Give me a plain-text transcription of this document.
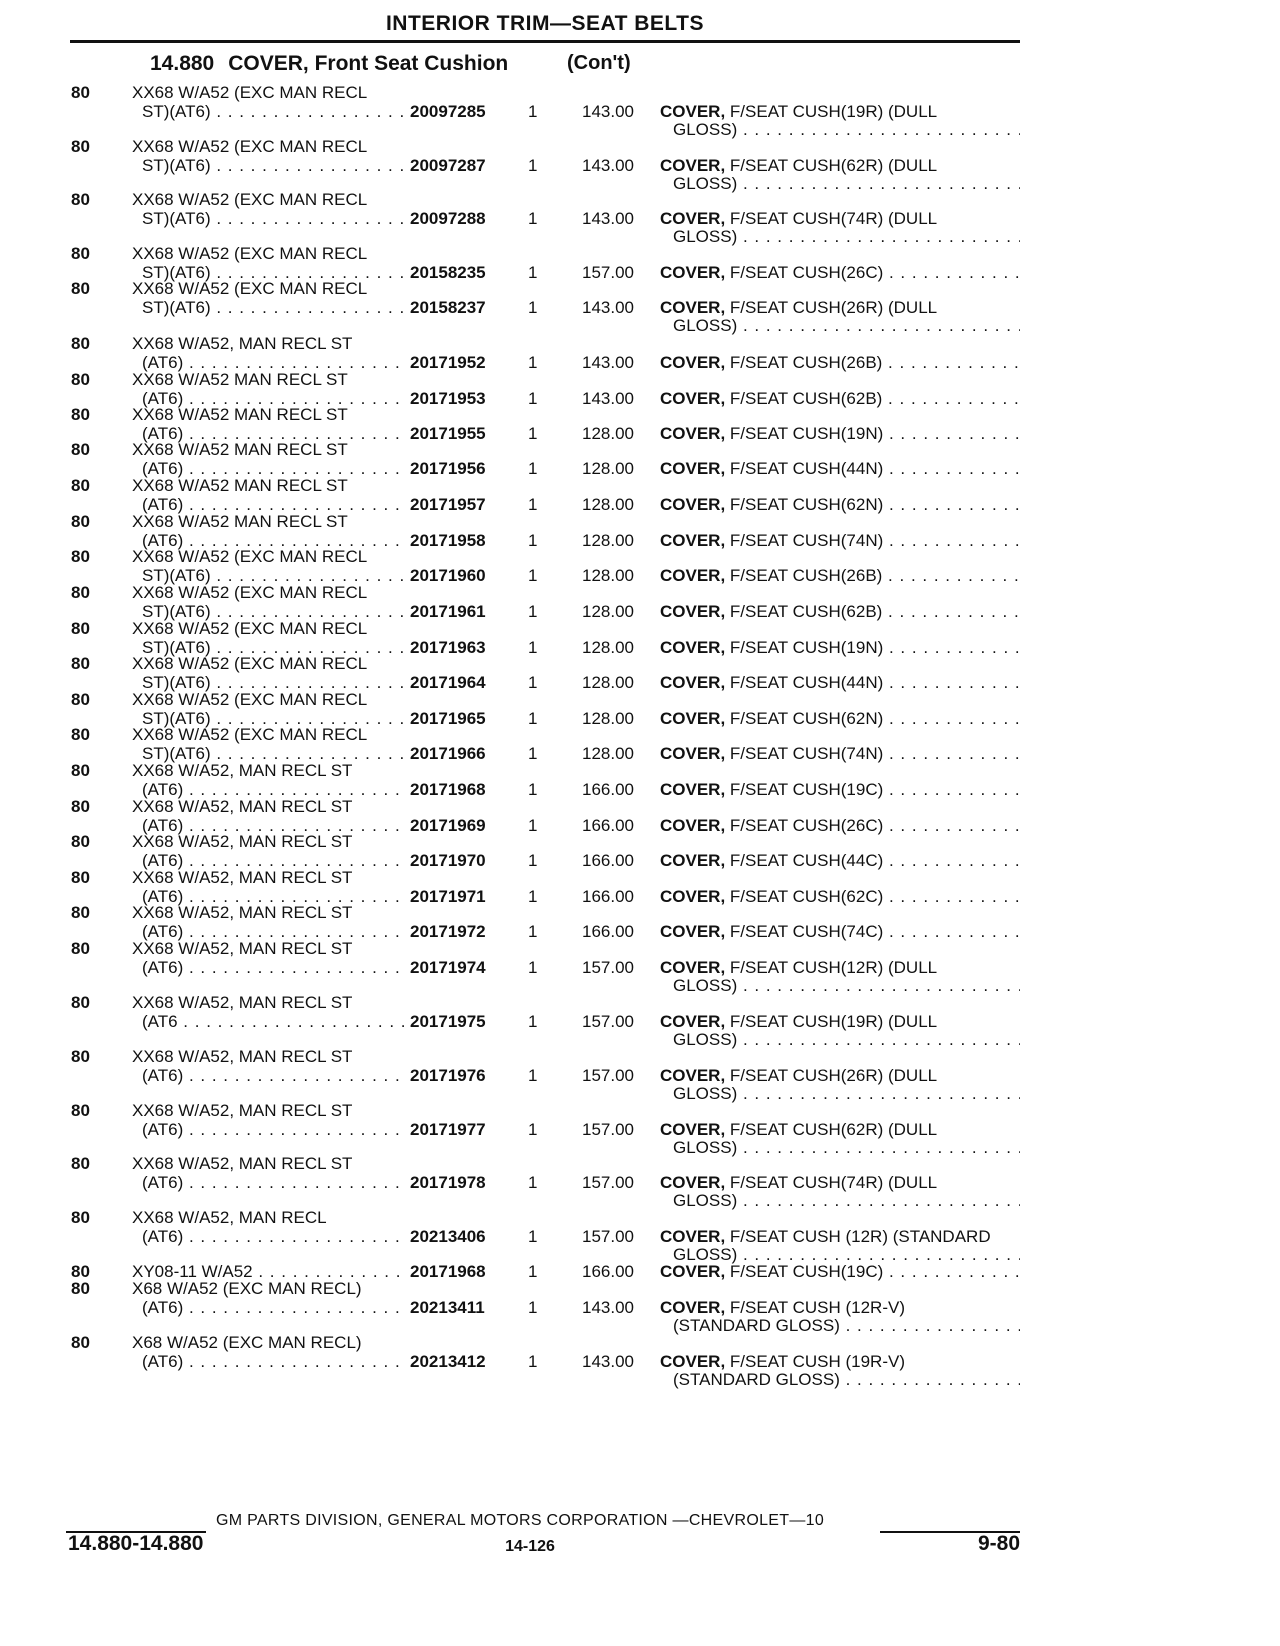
INTERIOR TRIM—SEAT BELTS
14.880 COVER, Front Seat Cushion	(Con't)
80 XX68 W/A52 (EXC MAN RECL
ST)(AT6) . . .	20097285 1	143.00 COVER, F/SEAT CUSH(19R) (DULL
GLOSS) . . .
80 XX68 W/A52 (EXC MAN RECL
ST)(AT6) . . .	20097287 1	143.00 COVER, F/SEAT CUSH(62R) (DULL
GLOSS) . . .
80 XX68 W/A52 (EXC MAN RECL
ST)(AT6) . . .	20097288 1	143.00 COVER, F/SEAT CUSH(74R) (DULL
GLOSS) . . .
80 XX68 W/A52 (EXC MAN RECL
ST)(AT6) . . .	20158235 1	157.00 COVER, F/SEAT CUSH(26C) . . .
80 XX68 W/A52 (EXC MAN RECL
ST)(AT6) . . .	20158237 1	143.00 COVER, F/SEAT CUSH(26R) (DULL
GLOSS) . . .
80 XX68 W/A52, MAN RECL ST
(AT6) . . .	20171952 1	143.00 COVER, F/SEAT CUSH(26B) . . .
80 XX68 W/A52 MAN RECL ST
(AT6) . . .	20171953 1	143.00 COVER, F/SEAT CUSH(62B) . . .
80 XX68 W/A52 MAN RECL ST
(AT6) . . .	20171955 1	128.00 COVER, F/SEAT CUSH(19N) . . .
80 XX68 W/A52 MAN RECL ST
(AT6) . . .	20171956 1	128.00 COVER, F/SEAT CUSH(44N) . . .
80 XX68 W/A52 MAN RECL ST
(AT6) . . .	20171957 1	128.00 COVER, F/SEAT CUSH(62N) . . .
80 XX68 W/A52 MAN RECL ST
(AT6) . . .	20171958 1	128.00 COVER, F/SEAT CUSH(74N) . . .
80 XX68 W/A52 (EXC MAN RECL
ST)(AT6) . . .	20171960 1	128.00 COVER, F/SEAT CUSH(26B) . . .
80 XX68 W/A52 (EXC MAN RECL
ST)(AT6) . . .	20171961 1	128.00 COVER, F/SEAT CUSH(62B) . . .
80 XX68 W/A52 (EXC MAN RECL
ST)(AT6) . . .	20171963 1	128.00 COVER, F/SEAT CUSH(19N) . . .
80 XX68 W/A52 (EXC MAN RECL
ST)(AT6) . . .	20171964 1	128.00 COVER, F/SEAT CUSH(44N) . . .
80 XX68 W/A52 (EXC MAN RECL
ST)(AT6) . . .	20171965 1	128.00 COVER, F/SEAT CUSH(62N) . . .
80 XX68 W/A52 (EXC MAN RECL
ST)(AT6) . . .	20171966 1	128.00 COVER, F/SEAT CUSH(74N) . . .
80 XX68 W/A52, MAN RECL ST
(AT6) . . .	20171968 1	166.00 COVER, F/SEAT CUSH(19C) . . .
80 XX68 W/A52, MAN RECL ST
(AT6) . . .	20171969 1	166.00 COVER, F/SEAT CUSH(26C) . . .
80 XX68 W/A52, MAN RECL ST
(AT6) . . .	20171970 1	166.00 COVER, F/SEAT CUSH(44C) . . .
80 XX68 W/A52, MAN RECL ST
(AT6) . . .	20171971 1	166.00 COVER, F/SEAT CUSH(62C) . . .
80 XX68 W/A52, MAN RECL ST
(AT6) . . .	20171972 1	166.00 COVER, F/SEAT CUSH(74C) . . .
80 XX68 W/A52, MAN RECL ST
(AT6) . . .	20171974 1	157.00 COVER, F/SEAT CUSH(12R) (DULL
GLOSS) . . .
80 XX68 W/A52, MAN RECL ST
(AT6 . . .	20171975 1	157.00 COVER, F/SEAT CUSH(19R) (DULL
GLOSS) . . .
80 XX68 W/A52, MAN RECL ST
(AT6) . . .	20171976 1	157.00 COVER, F/SEAT CUSH(26R) (DULL
GLOSS) . . .
80 XX68 W/A52, MAN RECL ST
(AT6) . . .	20171977 1	157.00 COVER, F/SEAT CUSH(62R) (DULL
GLOSS) . . .
80 XX68 W/A52, MAN RECL ST
(AT6) . . .	20171978 1	157.00 COVER, F/SEAT CUSH(74R) (DULL
GLOSS) . . .
80 XX68 W/A52, MAN RECL
(AT6) . . .	20213406 1	157.00 COVER, F/SEAT CUSH (12R) (STANDARD
GLOSS) . . .
80 XY08-11 W/A52 . . .	20171968 1	166.00 COVER, F/SEAT CUSH(19C) . . .
80 X68 W/A52 (EXC MAN RECL)
(AT6) . . .	20213411	1	143.00 COVER, F/SEAT CUSH (12R-V)
(STANDARD GLOSS) . . .
80 X68 W/A52 (EXC MAN RECL)
(AT6) . . .	20213412 1	143.00 COVER, F/SEAT CUSH (19R-V)
(STANDARD GLOSS) . . .
GM PARTS DIVISION, GENERAL MOTORS CORPORATION —CHEVROLET—10
14.880-14.880	14-126	9-80
